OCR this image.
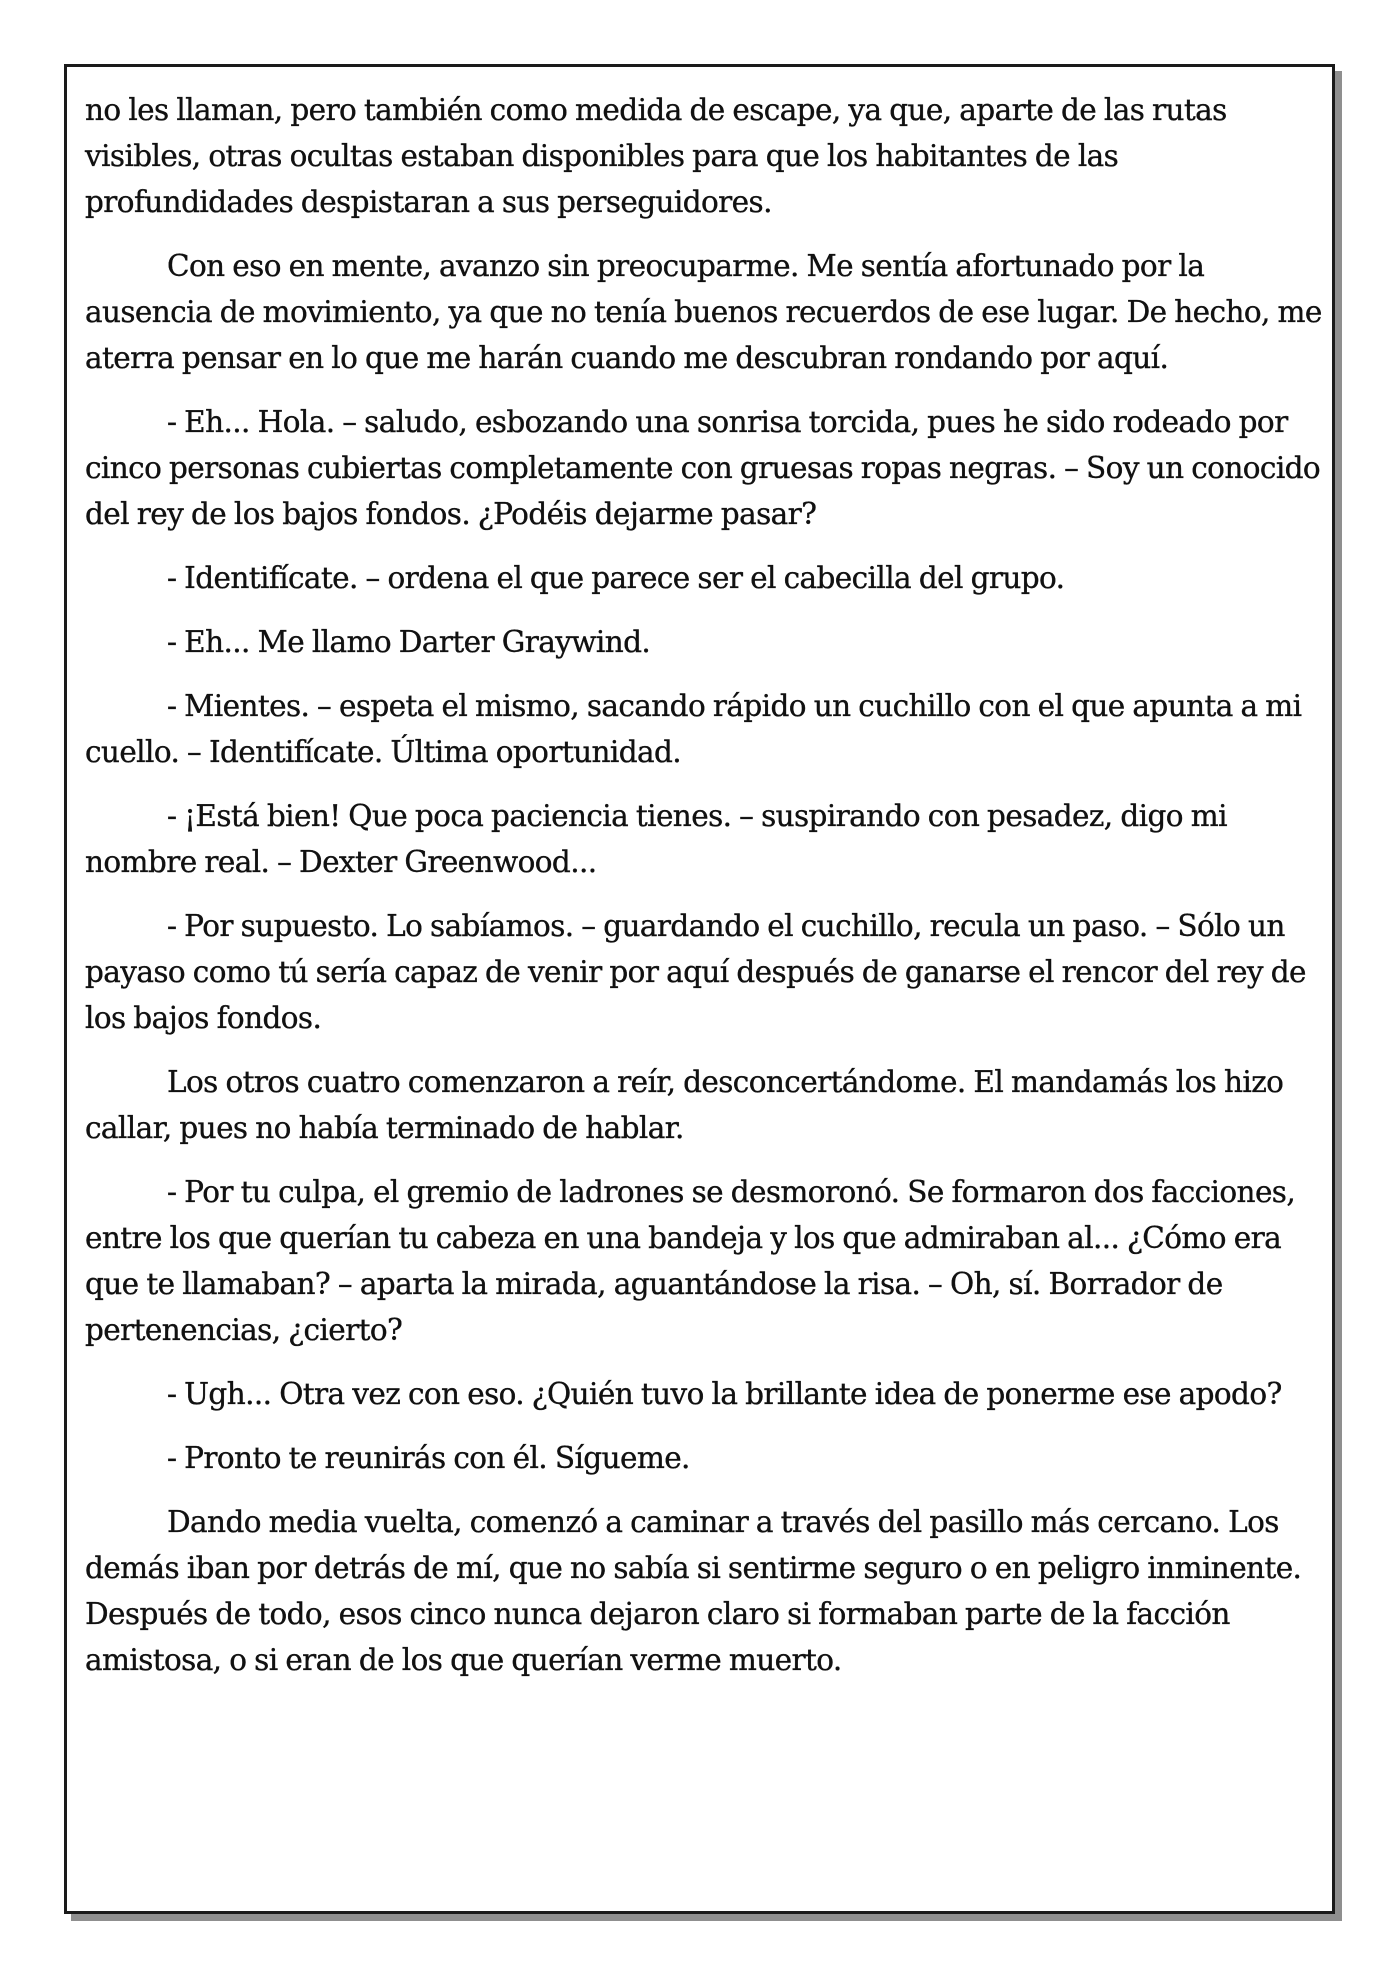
no les llaman, pero también como medida de escape, ya que, aparte de las rutas visibles, otras ocultas estaban disponibles para que los habitantes de las profundidades despistaran a sus perseguidores.

Con eso en mente, avanzo sin preocuparme. Me sentía afortunado por la ausencia de movimiento, ya que no tenía buenos recuerdos de ese lugar. De hecho, me aterra pensar en lo que me harán cuando me descubran rondando por aquí.

- Eh... Hola. – saludo, esbozando una sonrisa torcida, pues he sido rodeado por cinco personas cubiertas completamente con gruesas ropas negras. – Soy un conocido del rey de los bajos fondos. ¿Podéis dejarme pasar?

- Identifícate. – ordena el que parece ser el cabecilla del grupo.

- Eh... Me llamo Darter Graywind.

- Mientes. – espeta el mismo, sacando rápido un cuchillo con el que apunta a mi cuello. – Identifícate. Última oportunidad.

- ¡Está bien! Que poca paciencia tienes. – suspirando con pesadez, digo mi nombre real. – Dexter Greenwood...

- Por supuesto. Lo sabíamos. – guardando el cuchillo, recula un paso. – Sólo un payaso como tú sería capaz de venir por aquí después de ganarse el rencor del rey de los bajos fondos.

Los otros cuatro comenzaron a reír, desconcertándome. El mandamás los hizo callar, pues no había terminado de hablar.

- Por tu culpa, el gremio de ladrones se desmoronó. Se formaron dos facciones, entre los que querían tu cabeza en una bandeja y los que admiraban al... ¿Cómo era que te llamaban? – aparta la mirada, aguantándose la risa. – Oh, sí. Borrador de pertenencias, ¿cierto?

- Ugh... Otra vez con eso. ¿Quién tuvo la brillante idea de ponerme ese apodo?

- Pronto te reunirás con él. Sígueme.

Dando media vuelta, comenzó a caminar a través del pasillo más cercano. Los demás iban por detrás de mí, que no sabía si sentirme seguro o en peligro inminente. Después de todo, esos cinco nunca dejaron claro si formaban parte de la facción amistosa, o si eran de los que querían verme muerto.
